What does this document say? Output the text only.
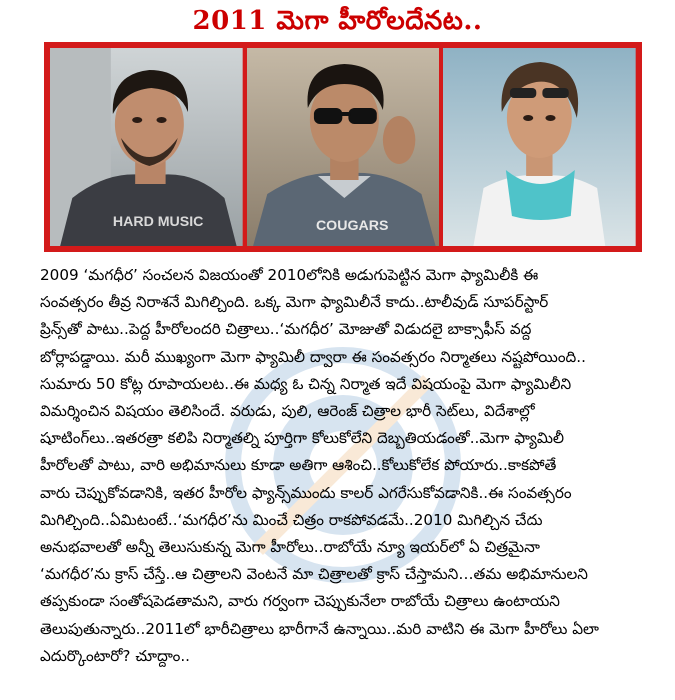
2011 మెగా హీరోలదేనట..
HARD MUSIC	COUGARS
2009 ‘మగధీర’ సంచలన విజయంతో 2010లోనికి అడుగుపెట్టిన మెగా ఫ్యామిలీకి ఈ
సంవత్సరం తీవ్ర నిరాశనే మిగిల్చింది. ఒక్క మెగా ఫ్యామిలీనే కాదు..టాలీవుడ్ సూపర్‌స్టార్
ప్రిన్స్‌తో పాటు..పెద్ద హీరోలందరి చిత్రాలు..‘మగధీర’ మోజుతో విడుదలై బాక్సాఫీస్ వద్ద
బోర్లాపడ్డాయి. మరీ ముఖ్యంగా మెగా ఫ్యామిలీ ద్వారా ఈ సంవత్సరం నిర్మాతలు నష్టపోయింది..
సుమారు 50 కోట్ల రూపాయలట..ఈ మధ్య ఓ చిన్న నిర్మాత ఇదే విషయంపై మెగా ఫ్యామిలీని
విమర్శించిన విషయం తెలిసిందే. వరుడు, పులి, ఆరెంజ్ చిత్రాల భారీ సెట్‌లు, విదేశాల్లో
షూటింగ్‌లు..ఇతరత్రా కలిపి నిర్మాతల్ని పూర్తిగా కోలుకోలేని దెబ్బతియడంతో..మెగా ఫ్యామిలీ
హీరోలతో పాటు, వారి అభిమానులు కూడా అతిగా ఆశించి..కోలుకోలేక పోయారు..కాకపోతే
వారు చెప్పుకోవడానికి, ఇతర హీరోల ఫ్యాన్స్‌ముందు కాలర్ ఎగరేసుకోవడానికి..ఈ సంవత్సరం
మిగిల్చింది..ఏమిటంటే..‘మగధీర’ను మించే చిత్రం రాకపోవడమే..2010 మిగిల్చిన చేదు
అనుభవాలతో అన్నీ తెలుసుకున్న మెగా హీరోలు..రాబోయే న్యూ ఇయర్‌లో ఏ చిత్రమైనా
‘మగధీర’ను క్రాస్ చేస్తే..ఆ చిత్రాలని వెంటనే మా చిత్రాలతో క్రాస్ చేస్తామని…తమ అభిమానులని
తప్పకుండా సంతోషపెడతామని, వారు గర్వంగా చెప్పుకునేలా రాబోయే చిత్రాలు ఉంటాయని
తెలుపుతున్నారు..2011లో భారీచిత్రాలు భారీగానే ఉన్నాయి..మరి వాటిని ఈ మెగా హీరోలు ఏలా
ఎదుర్కొంటారో? చూద్దాం..
